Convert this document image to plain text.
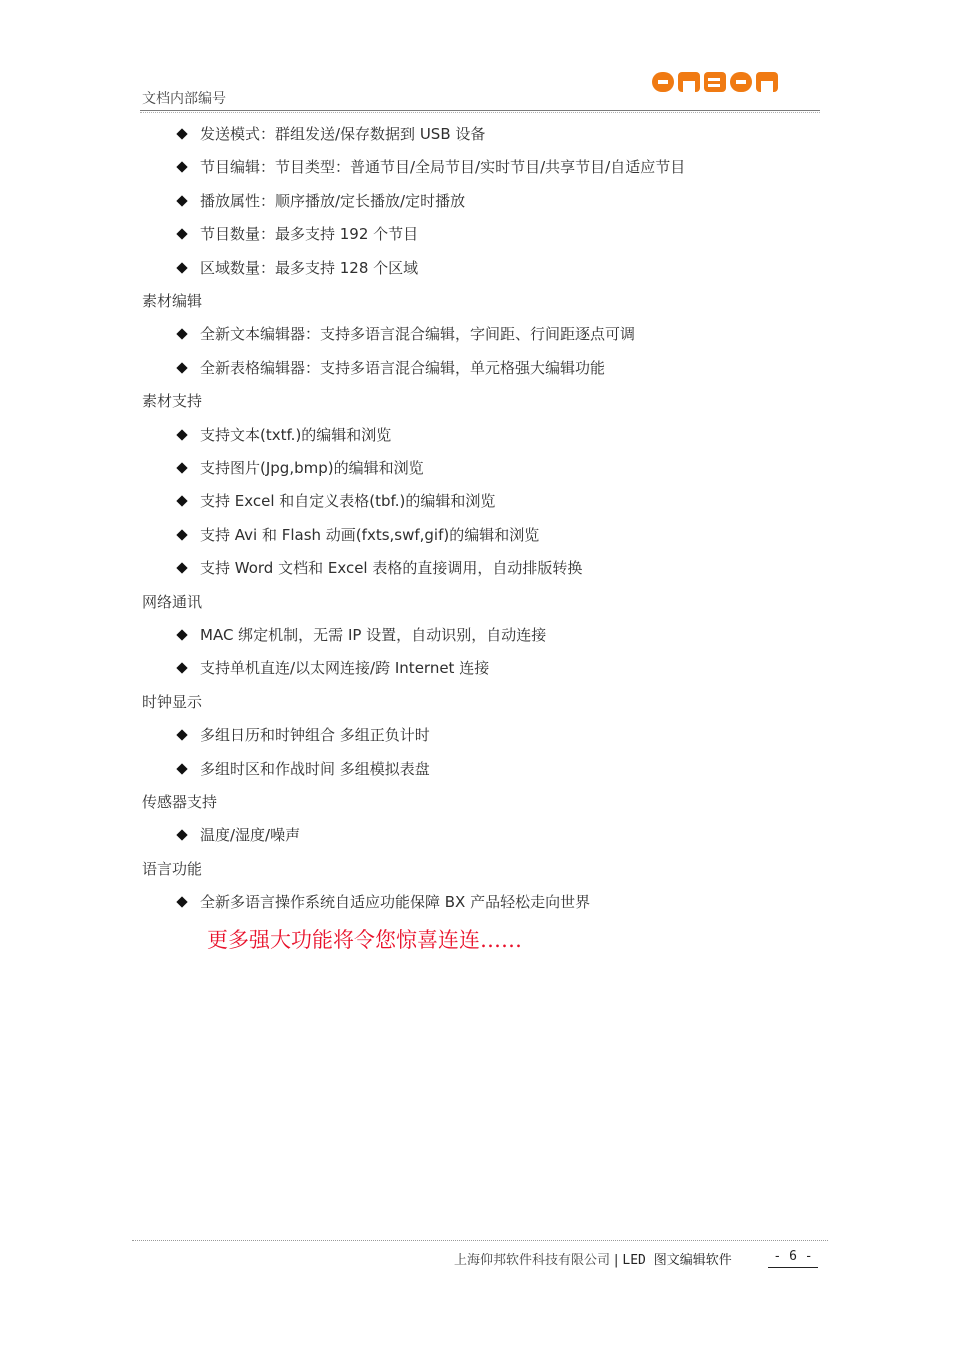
文档内部编号
发送模式：群组发送/保存数据到 USB 设备
节目编辑：节目类型：普通节目/全局节目/实时节目/共享节目/自适应节目
播放属性：顺序播放/定长播放/定时播放
节目数量：最多支持 192 个节目
区域数量：最多支持 128 个区域
素材编辑
全新文本编辑器：支持多语言混合编辑，字间距、行间距逐点可调
全新表格编辑器：支持多语言混合编辑，单元格强大编辑功能
素材支持
支持文本(txtf.)的编辑和浏览
支持图片(Jpg,bmp)的编辑和浏览
支持 Excel 和自定义表格(tbf.)的编辑和浏览
支持 Avi 和 Flash 动画(fxts,swf,gif)的编辑和浏览
支持 Word 文档和 Excel 表格的直接调用，自动排版转换
网络通讯
MAC 绑定机制，无需 IP 设置，自动识别，自动连接
支持单机直连/以太网连接/跨 Internet 连接
时钟显示
多组日历和时钟组合 多组正负计时
多组时区和作战时间 多组模拟表盘
传感器支持
温度/湿度/噪声
语言功能
全新多语言操作系统自适应功能保障 BX 产品轻松走向世界
更多强大功能将令您惊喜连连……
上海仰邦软件科技有限公司 | LED 图文编辑软件	- 6 -
